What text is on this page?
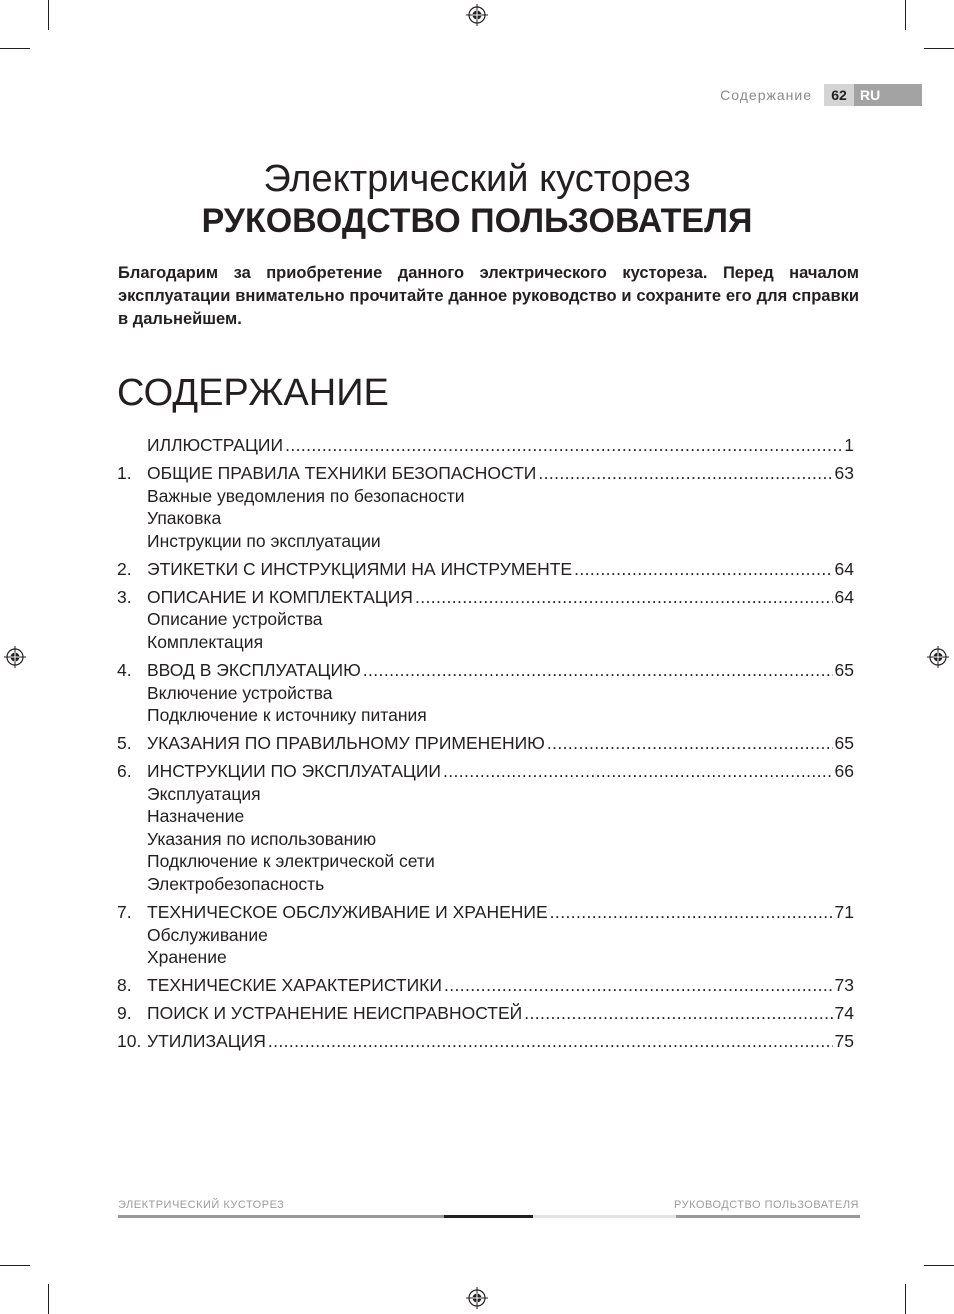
Содержание	62 RU
Электрический кусторез
РУКОВОДСТВО ПОЛЬЗОВАТЕЛЯ
Благодарим за приобретение данного электрического кустореза. Перед началом эксплуатации внимательно прочитайте данное руководство и сохраните его для справки в дальнейшем.
СОДЕРЖАНИЕ
ИЛЛЮСТРАЦИИ .....	1
1. ОБЩИЕ ПРАВИЛА ТЕХНИКИ БЕЗОПАСНОСТИ .....	63
Важные уведомления по безопасности
Упаковка
Инструкции по эксплуатации
2. ЭТИКЕТКИ С ИНСТРУКЦИЯМИ НА ИНСТРУМЕНТЕ .....	64
3. ОПИСАНИЕ И КОМПЛЕКТАЦИЯ .....	64
Описание устройства
Комплектация
4. ВВОД В ЭКСПЛУАТАЦИЮ .....	65
Включение устройства
Подключение к источнику питания
5. УКАЗАНИЯ ПО ПРАВИЛЬНОМУ ПРИМЕНЕНИЮ .....	65
6. ИНСТРУКЦИИ ПО ЭКСПЛУАТАЦИИ .....	66
Эксплуатация
Назначение
Указания по использованию
Подключение к электрической сети
Электробезопасность
7. ТЕХНИЧЕСКОЕ ОБСЛУЖИВАНИЕ И ХРАНЕНИЕ .....	71
Обслуживание
Хранение
8. ТЕХНИЧЕСКИЕ ХАРАКТЕРИСТИКИ .....	73
9. ПОИСК И УСТРАНЕНИЕ НЕИСПРАВНОСТЕЙ .....	74
10. УТИЛИЗАЦИЯ .....	75
ЭЛЕКТРИЧЕСКИЙ КУСТОРЕЗ	РУКОВОДСТВО ПОЛЬЗОВАТЕЛЯ
